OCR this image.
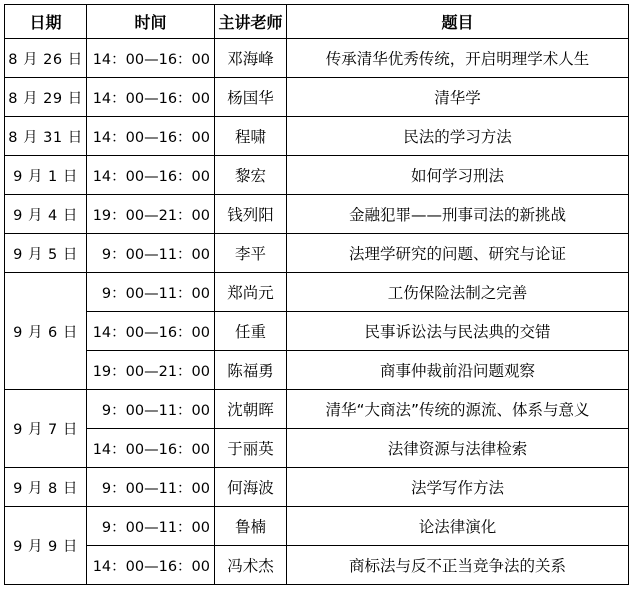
日期	时间	主讲老师	题目
8 月 26 日	14：00—16：00	邓海峰	传承清华优秀传统，开启明理学术人生
8 月 29 日	14：00—16：00	杨国华	清华学
8 月 31 日	14：00—16：00	程啸	民法的学习方法
9 月 1 日	14：00—16：00	黎宏	如何学习刑法
9 月 4 日	19：00—21：00	钱列阳	金融犯罪——刑事司法的新挑战
9 月 5 日	9：00—11：00	李平	法理学研究的问题、研究与论证
9 月 6 日	9：00—11：00	郑尚元	工伤保险法制之完善
	14：00—16：00	任重	民事诉讼法与民法典的交错
	19：00—21：00	陈福勇	商事仲裁前沿问题观察
9 月 7 日	9：00—11：00	沈朝晖	清华“大商法”传统的源流、体系与意义
	14：00—16：00	于丽英	法律资源与法律检索
9 月 8 日	9：00—11：00	何海波	法学写作方法
9 月 9 日	9：00—11：00	鲁楠	论法律演化
	14：00—16：00	冯术杰	商标法与反不正当竞争法的关系
